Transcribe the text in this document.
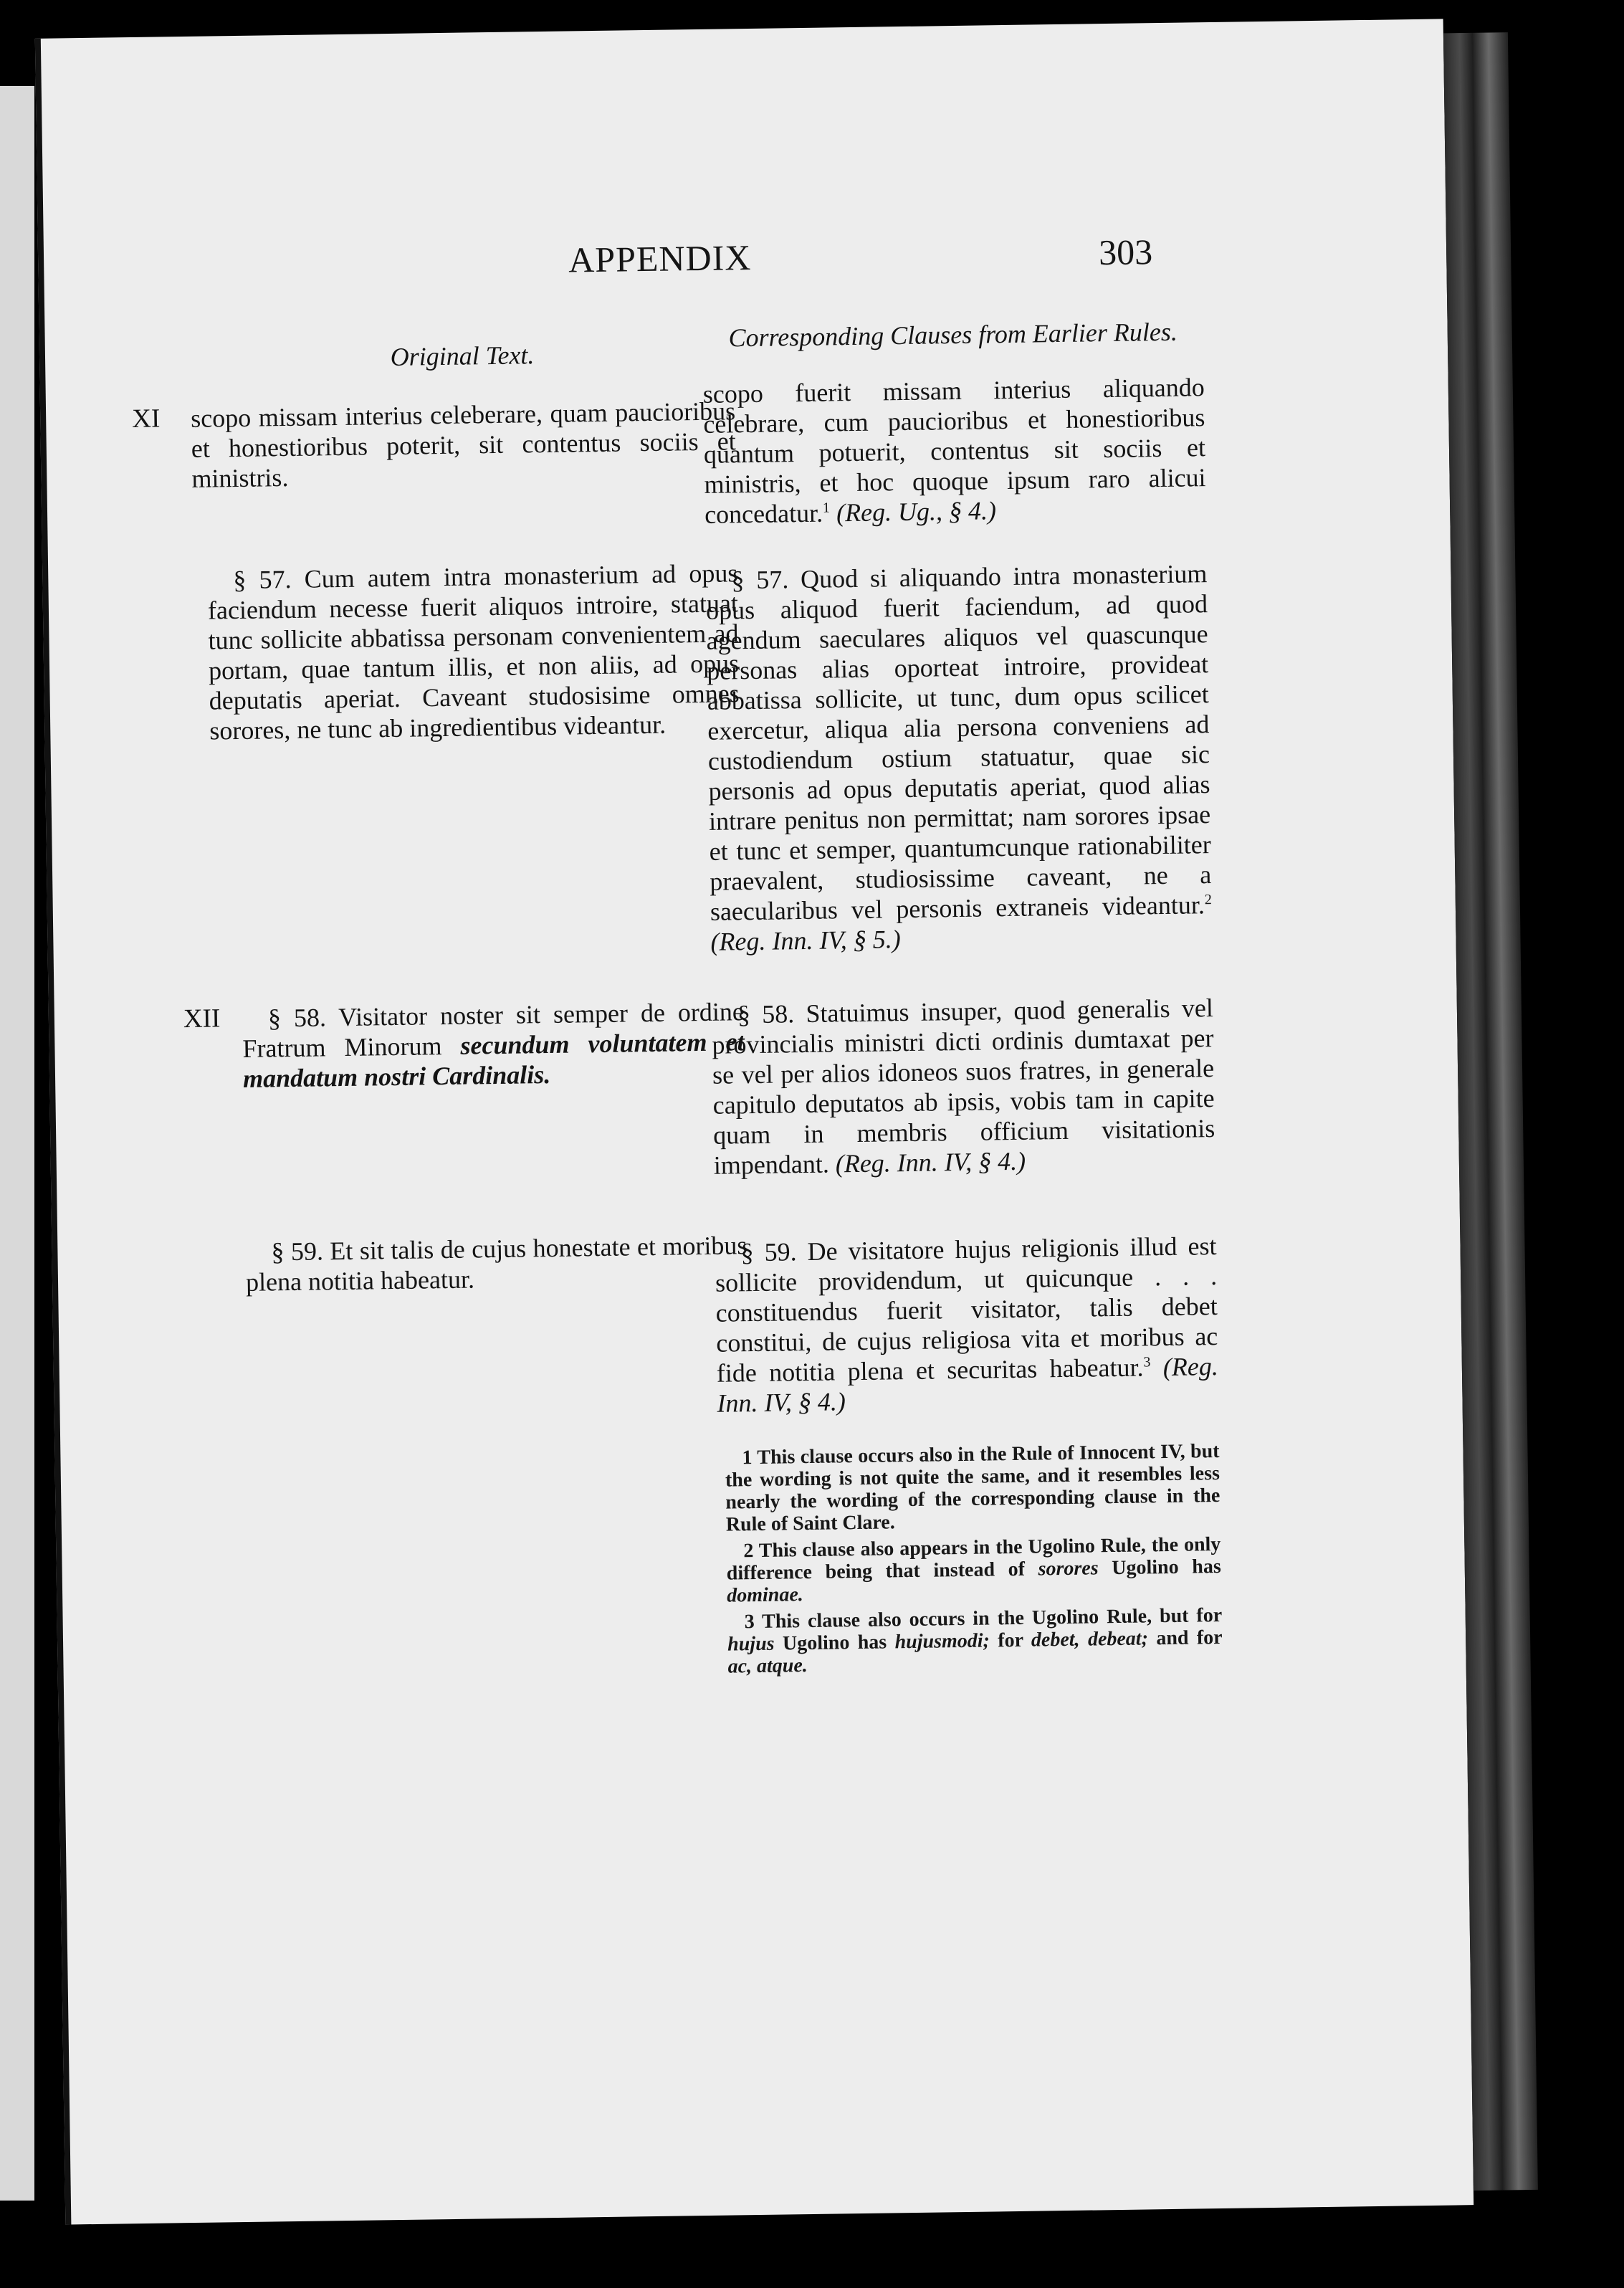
APPENDIX	303
Original Text.

XI scopo missam interius celeberare, quam paucioribus et honestioribus poterit, sit contentus sociis et ministris.

§ 57. Cum autem intra monasterium ad opus faciendum necesse fuerit aliquos introire, statuat tunc sollicite abbatissa personam convenientem ad portam, quae tantum illis, et non aliis, ad opus deputatis aperiat. Caveant studosisime omnes sorores, ne tunc ab ingredientibus videantur.

XII § 58. Visitator noster sit semper de ordine Fratrum Minorum secundum voluntatem et mandatum nostri Cardinalis.

§ 59. Et sit talis de cujus honestate et moribus plena notitia habeatur.

Corresponding Clauses from Earlier Rules.

scopo fuerit missam interius aliquando celebrare, cum paucioribus et honestioribus quantum potuerit, contentus sit sociis et ministris, et hoc quoque ipsum raro alicui concedatur.$^1$ (Reg. Ug., § 4.)

§ 57. Quod si aliquando intra monasterium opus aliquod fuerit faciendum, ad quod agendum saeculares aliquos vel quascunque personas alias oporteat introire, provideat abbatissa sollicite, ut tunc, dum opus scilicet exercetur, aliqua alia persona conveniens ad custodiendum ostium statuatur, quae sic personis ad opus deputatis aperiat, quod alias intrare penitus non permittat; nam sorores ipsae et tunc et semper, quantumcunque rationabiliter praevalent, studiosissime caveant, ne a saecularibus vel personis extraneis videantur.$^2$ (Reg. Inn. IV, § 5.)

§ 58. Statuimus insuper, quod generalis vel provincialis ministri dicti ordinis dumtaxat per se vel per alios idoneos suos fratres, in generale capitulo deputatos ab ipsis, vobis tam in capite quam in membris officium visitationis impendant. (Reg. Inn. IV, § 4.)

§ 59. De visitatore hujus religionis illud est sollicite providendum, ut quicunque . . . constituendus fuerit visitator, talis debet constitui, de cujus religiosa vita et moribus ac fide notitia plena et securitas habeatur.$^3$ (Reg. Inn. IV, § 4.)

1 This clause occurs also in the Rule of Innocent IV, but the wording is not quite the same, and it resembles less nearly the wording of the corresponding clause in the Rule of Saint Clare.

2 This clause also appears in the Ugolino Rule, the only difference being that instead of sorores Ugolino has dominae.

3 This clause also occurs in the Ugolino Rule, but for hujus Ugolino has hujusmodi; for debet, debeat; and for ac, atque.
